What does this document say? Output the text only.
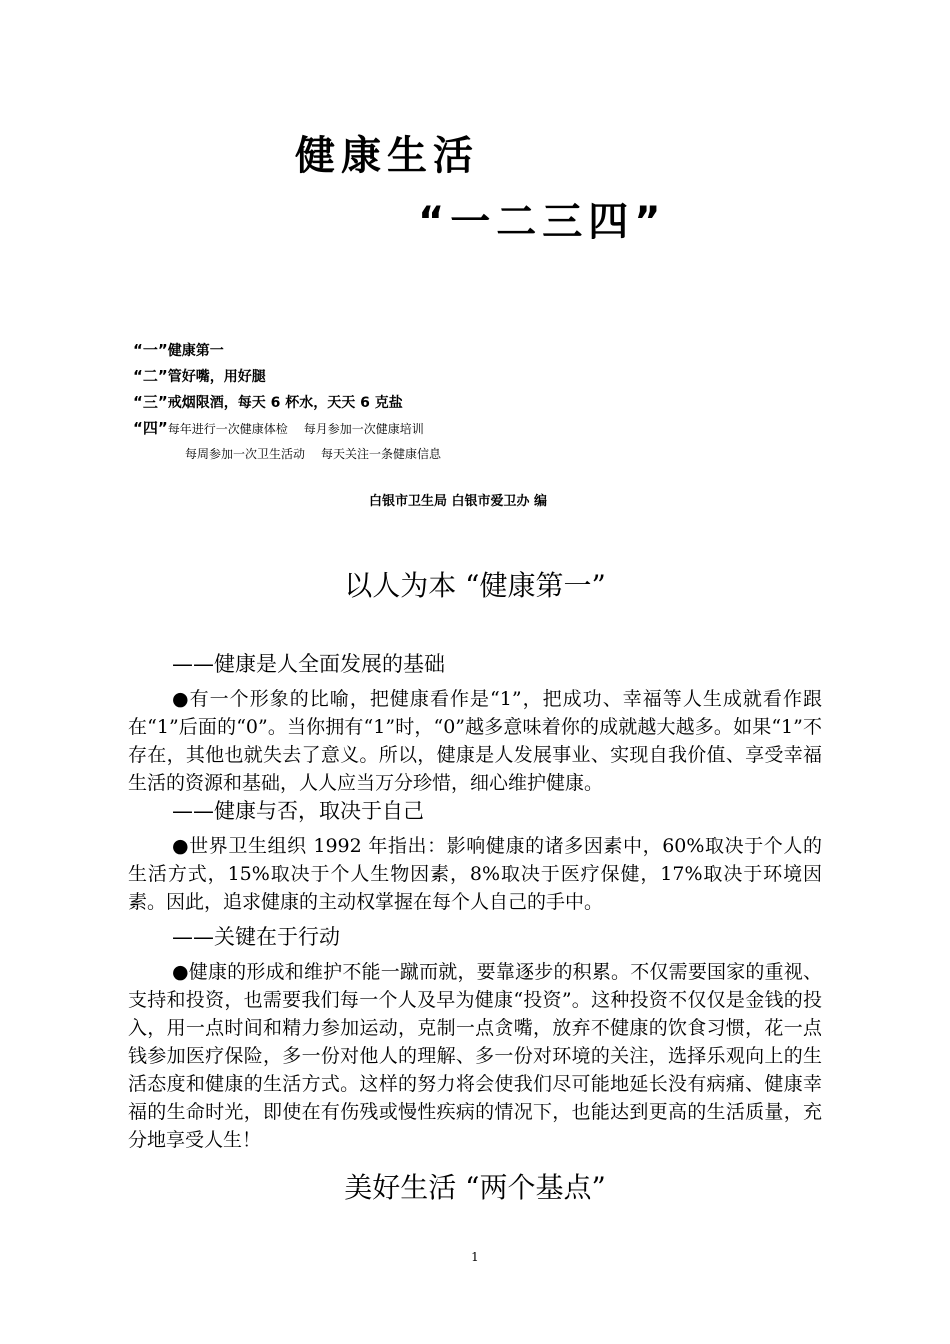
健康生活
“一二三四”
“一”健康第一
“二”管好嘴，用好腿
“三”戒烟限酒，每天 6 杯水，天天 6 克盐
“四”每年进行一次健康体检 每月参加一次健康培训
每周参加一次卫生活动 每天关注一条健康信息
白银市卫生局 白银市爱卫办 编
以人为本 “健康第一”
——健康是人全面发展的基础
●有一个形象的比喻，把健康看作是“1”，把成功、幸福等人生成就看作跟在“1”后面的“0”。当你拥有“1”时，“0”越多意味着你的成就越大越多。如果“1”不存在，其他也就失去了意义。所以，健康是人发展事业、实现自我价值、享受幸福生活的资源和基础，人人应当万分珍惜，细心维护健康。
——健康与否，取决于自己
●世界卫生组织 1992 年指出：影响健康的诸多因素中，60%取决于个人的生活方式，15%取决于个人生物因素，8%取决于医疗保健，17%取决于环境因素。因此，追求健康的主动权掌握在每个人自己的手中。
——关键在于行动
●健康的形成和维护不能一蹴而就，要靠逐步的积累。不仅需要国家的重视、支持和投资，也需要我们每一个人及早为健康“投资”。这种投资不仅仅是金钱的投入，用一点时间和精力参加运动，克制一点贪嘴，放弃不健康的饮食习惯，花一点钱参加医疗保险，多一份对他人的理解、多一份对环境的关注，选择乐观向上的生活态度和健康的生活方式。这样的努力将会使我们尽可能地延长没有病痛、健康幸福的生命时光，即使在有伤残或慢性疾病的情况下，也能达到更高的生活质量，充分地享受人生！
美好生活 “两个基点”
1
